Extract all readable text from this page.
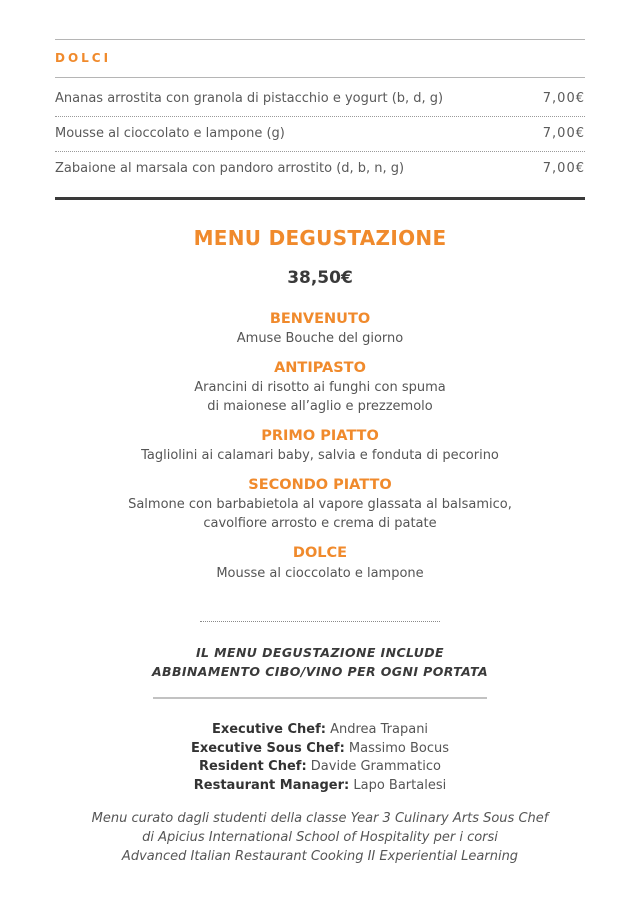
DOLCI
Ananas arrostita con granola di pistacchio e yogurt (b, d, g)	7,00€
Mousse al cioccolato e lampone (g)	7,00€
Zabaione al marsala con pandoro arrostito (d, b, n, g)	7,00€
MENU DEGUSTAZIONE
38,50€
BENVENUTO
Amuse Bouche del giorno
ANTIPASTO
Arancini di risotto ai funghi con spuma
di maionese all’aglio e prezzemolo
PRIMO PIATTO
Tagliolini ai calamari baby, salvia e fonduta di pecorino
SECONDO PIATTO
Salmone con barbabietola al vapore glassata al balsamico,
cavolfiore arrosto e crema di patate
DOLCE
Mousse al cioccolato e lampone
IL MENU DEGUSTAZIONE INCLUDE
ABBINAMENTO CIBO/VINO PER OGNI PORTATA
Executive Chef: Andrea Trapani
Executive Sous Chef: Massimo Bocus
Resident Chef: Davide Grammatico
Restaurant Manager: Lapo Bartalesi
Menu curato dagli studenti della classe Year 3 Culinary Arts Sous Chef
di Apicius International School of Hospitality per i corsi
Advanced Italian Restaurant Cooking II Experiential Learning
